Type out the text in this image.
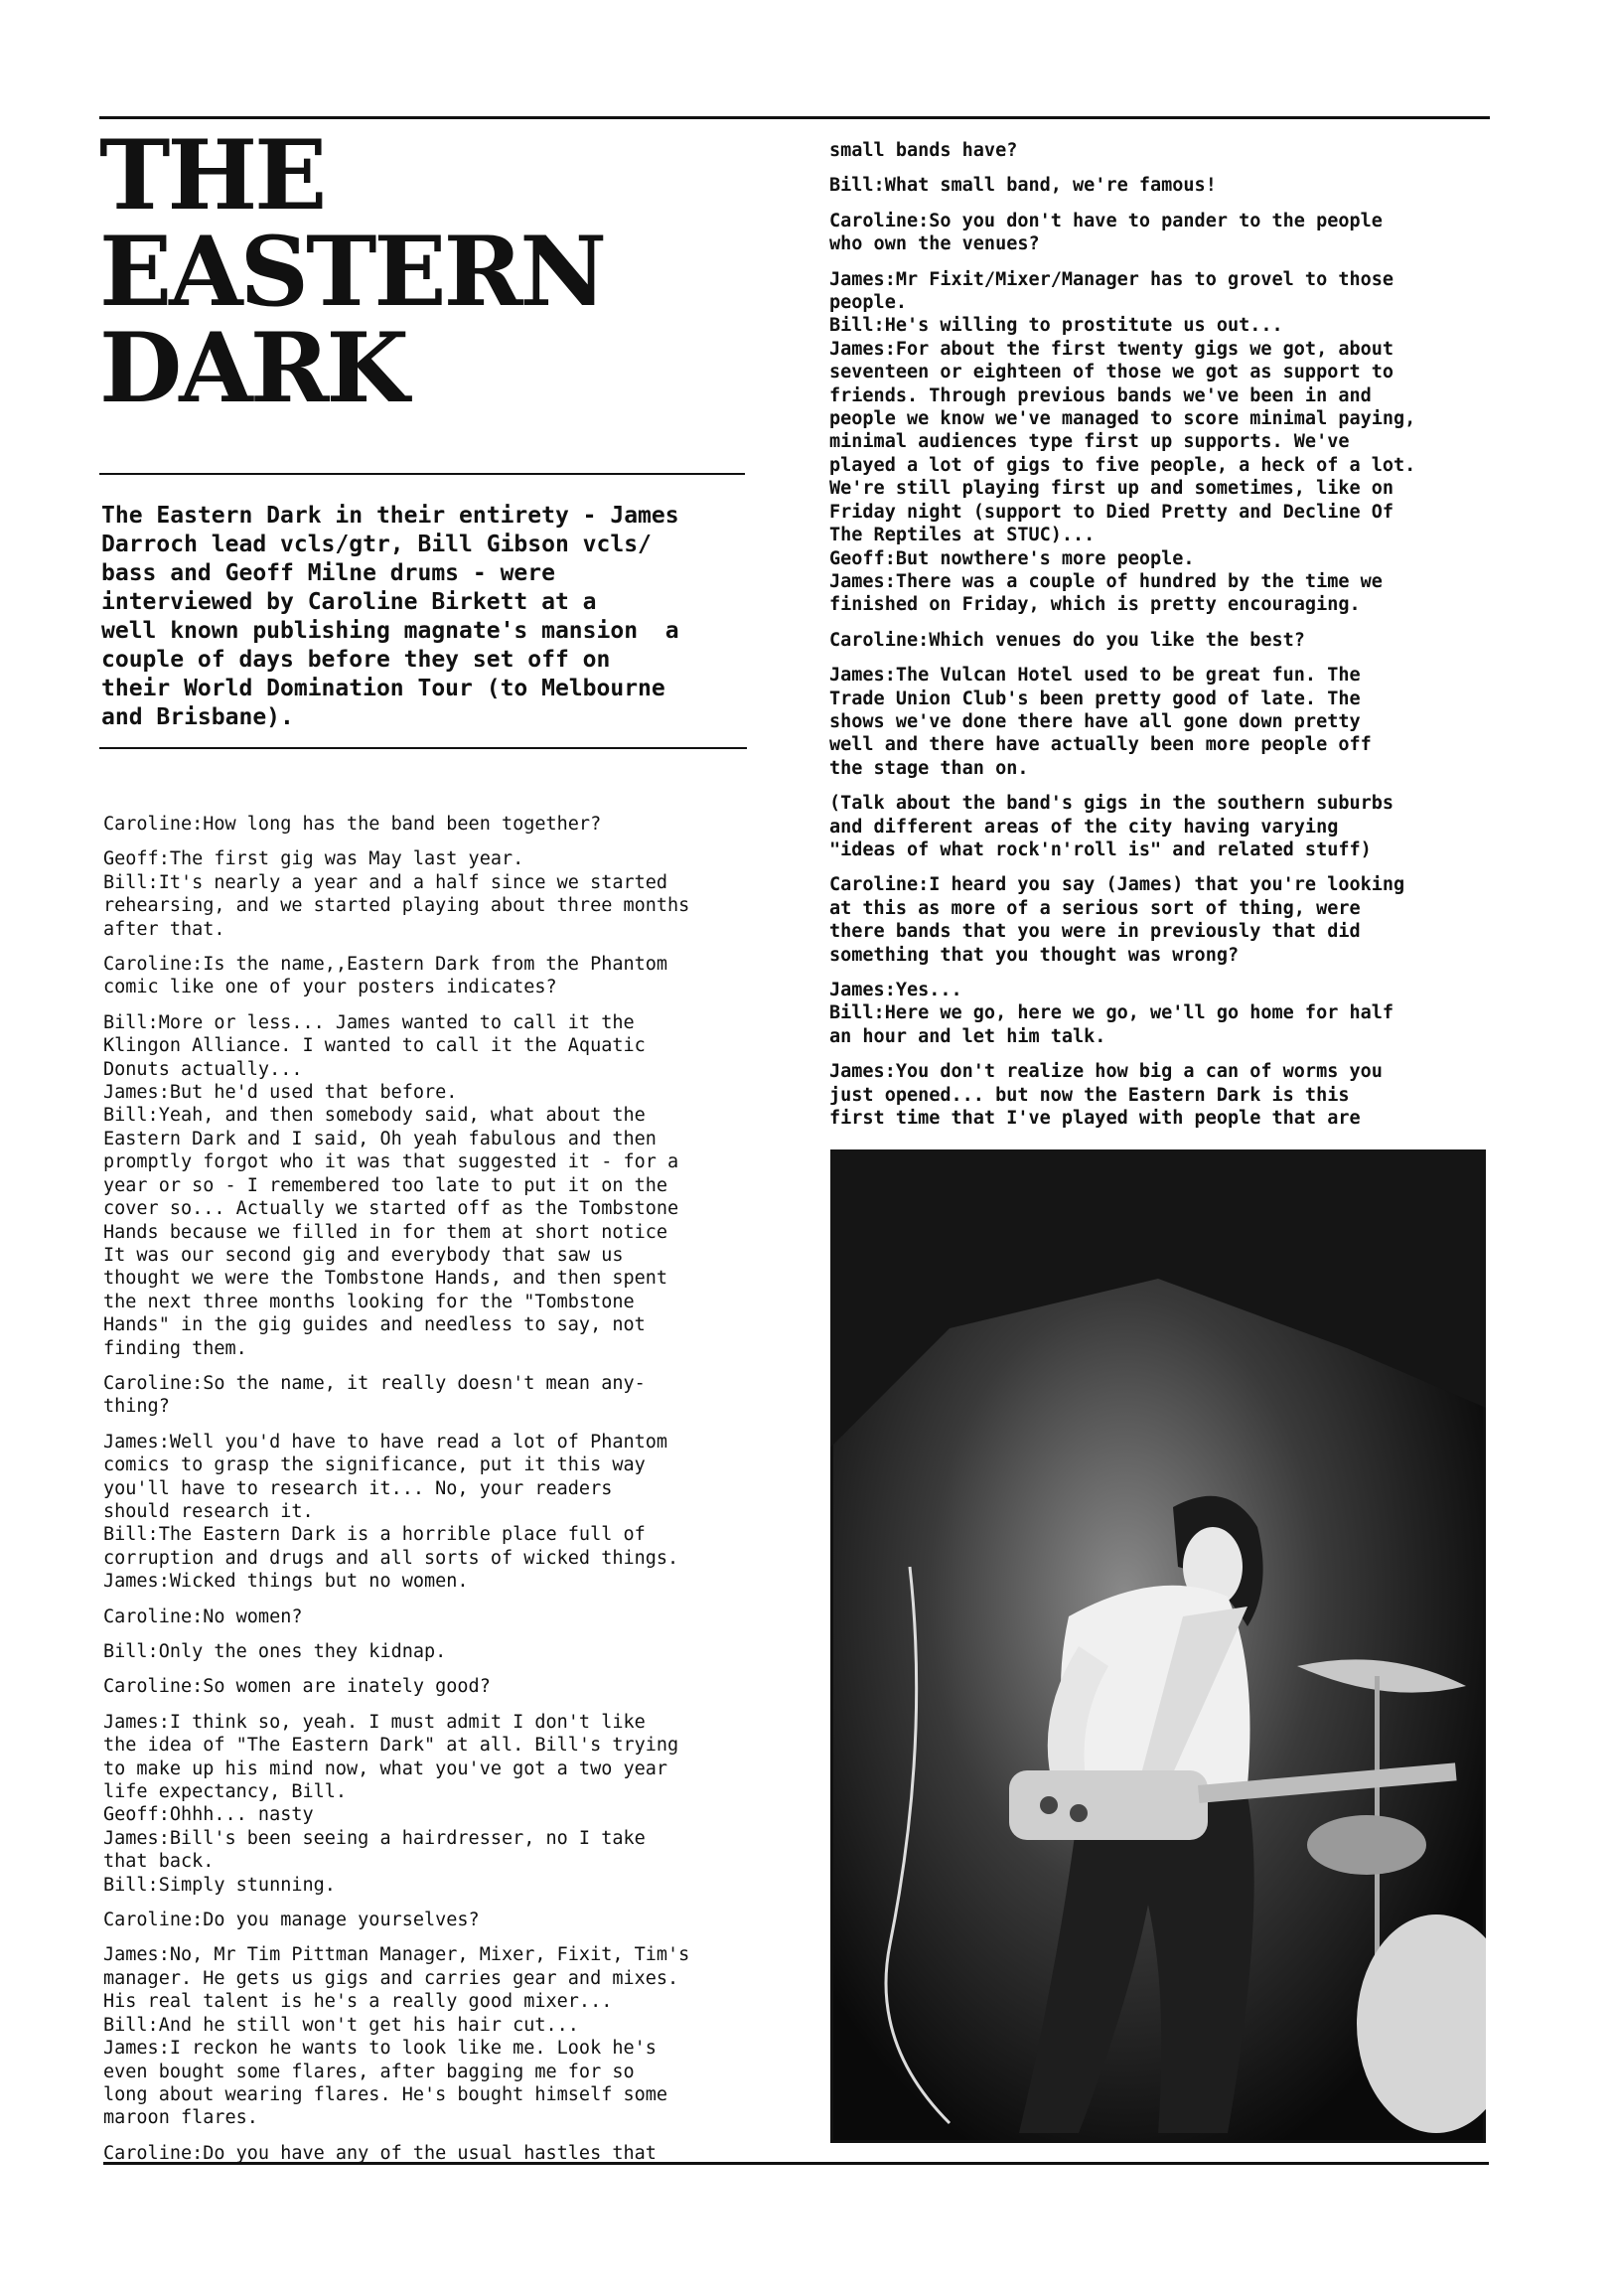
THE
EASTERN
DARK
The Eastern Dark in their entirety - James
Darroch lead vcls/gtr, Bill Gibson vcls/
bass and Geoff Milne drums - were
interviewed by Caroline Birkett at a
well known publishing magnate's mansion  a
couple of days before they set off on
their World Domination Tour (to Melbourne
and Brisbane).

Caroline:How long has the band been together?

Geoff:The first gig was May last year.
Bill:It's nearly a year and a half since we started
rehearsing, and we started playing about three months
after that.

Caroline:Is the name,,Eastern Dark from the Phantom
comic like one of your posters indicates?

Bill:More or less... James wanted to call it the
Klingon Alliance. I wanted to call it the Aquatic
Donuts actually...
James:But he'd used that before.
Bill:Yeah, and then somebody said, what about the
Eastern Dark and I said, Oh yeah fabulous and then
promptly forgot who it was that suggested it - for a
year or so - I remembered too late to put it on the
cover so... Actually we started off as the Tombstone
Hands because we filled in for them at short notice
It was our second gig and everybody that saw us
thought we were the Tombstone Hands, and then spent
the next three months looking for the "Tombstone
Hands" in the gig guides and needless to say, not
finding them.

Caroline:So the name, it really doesn't mean any-
thing?

James:Well you'd have to have read a lot of Phantom
comics to grasp the significance, put it this way
you'll have to research it... No, your readers
should research it.
Bill:The Eastern Dark is a horrible place full of
corruption and drugs and all sorts of wicked things.
James:Wicked things but no women.

Caroline:No women?

Bill:Only the ones they kidnap.

Caroline:So women are inately good?

James:I think so, yeah. I must admit I don't like
the idea of "The Eastern Dark" at all. Bill's trying
to make up his mind now, what you've got a two year
life expectancy, Bill.
Geoff:Ohhh... nasty
James:Bill's been seeing a hairdresser, no I take
that back.
Bill:Simply stunning.

Caroline:Do you manage yourselves?

James:No, Mr Tim Pittman Manager, Mixer, Fixit, Tim's
manager. He gets us gigs and carries gear and mixes.
His real talent is he's a really good mixer...
Bill:And he still won't get his hair cut...
James:I reckon he wants to look like me. Look he's
even bought some flares, after bagging me for so
long about wearing flares. He's bought himself some
maroon flares.

Caroline:Do you have any of the usual hastles that

small bands have?

Bill:What small band, we're famous!

Caroline:So you don't have to pander to the people
who own the venues?

James:Mr Fixit/Mixer/Manager has to grovel to those
people.
Bill:He's willing to prostitute us out...
James:For about the first twenty gigs we got, about
seventeen or eighteen of those we got as support to
friends. Through previous bands we've been in and
people we know we've managed to score minimal paying,
minimal audiences type first up supports. We've
played a lot of gigs to five people, a heck of a lot.
We're still playing first up and sometimes, like on
Friday night (support to Died Pretty and Decline Of
The Reptiles at STUC)...
Geoff:But nowthere's more people.
James:There was a couple of hundred by the time we
finished on Friday, which is pretty encouraging.

Caroline:Which venues do you like the best?

James:The Vulcan Hotel used to be great fun. The
Trade Union Club's been pretty good of late. The
shows we've done there have all gone down pretty
well and there have actually been more people off
the stage than on.

(Talk about the band's gigs in the southern suburbs
and different areas of the city having varying
"ideas of what rock'n'roll is" and related stuff)

Caroline:I heard you say (James) that you're looking
at this as more of a serious sort of thing, were
there bands that you were in previously that did
something that you thought was wrong?

James:Yes...
Bill:Here we go, here we go, we'll go home for half
an hour and let him talk.

James:You don't realize how big a can of worms you
just opened... but now the Eastern Dark is this
first time that I've played with people that are
